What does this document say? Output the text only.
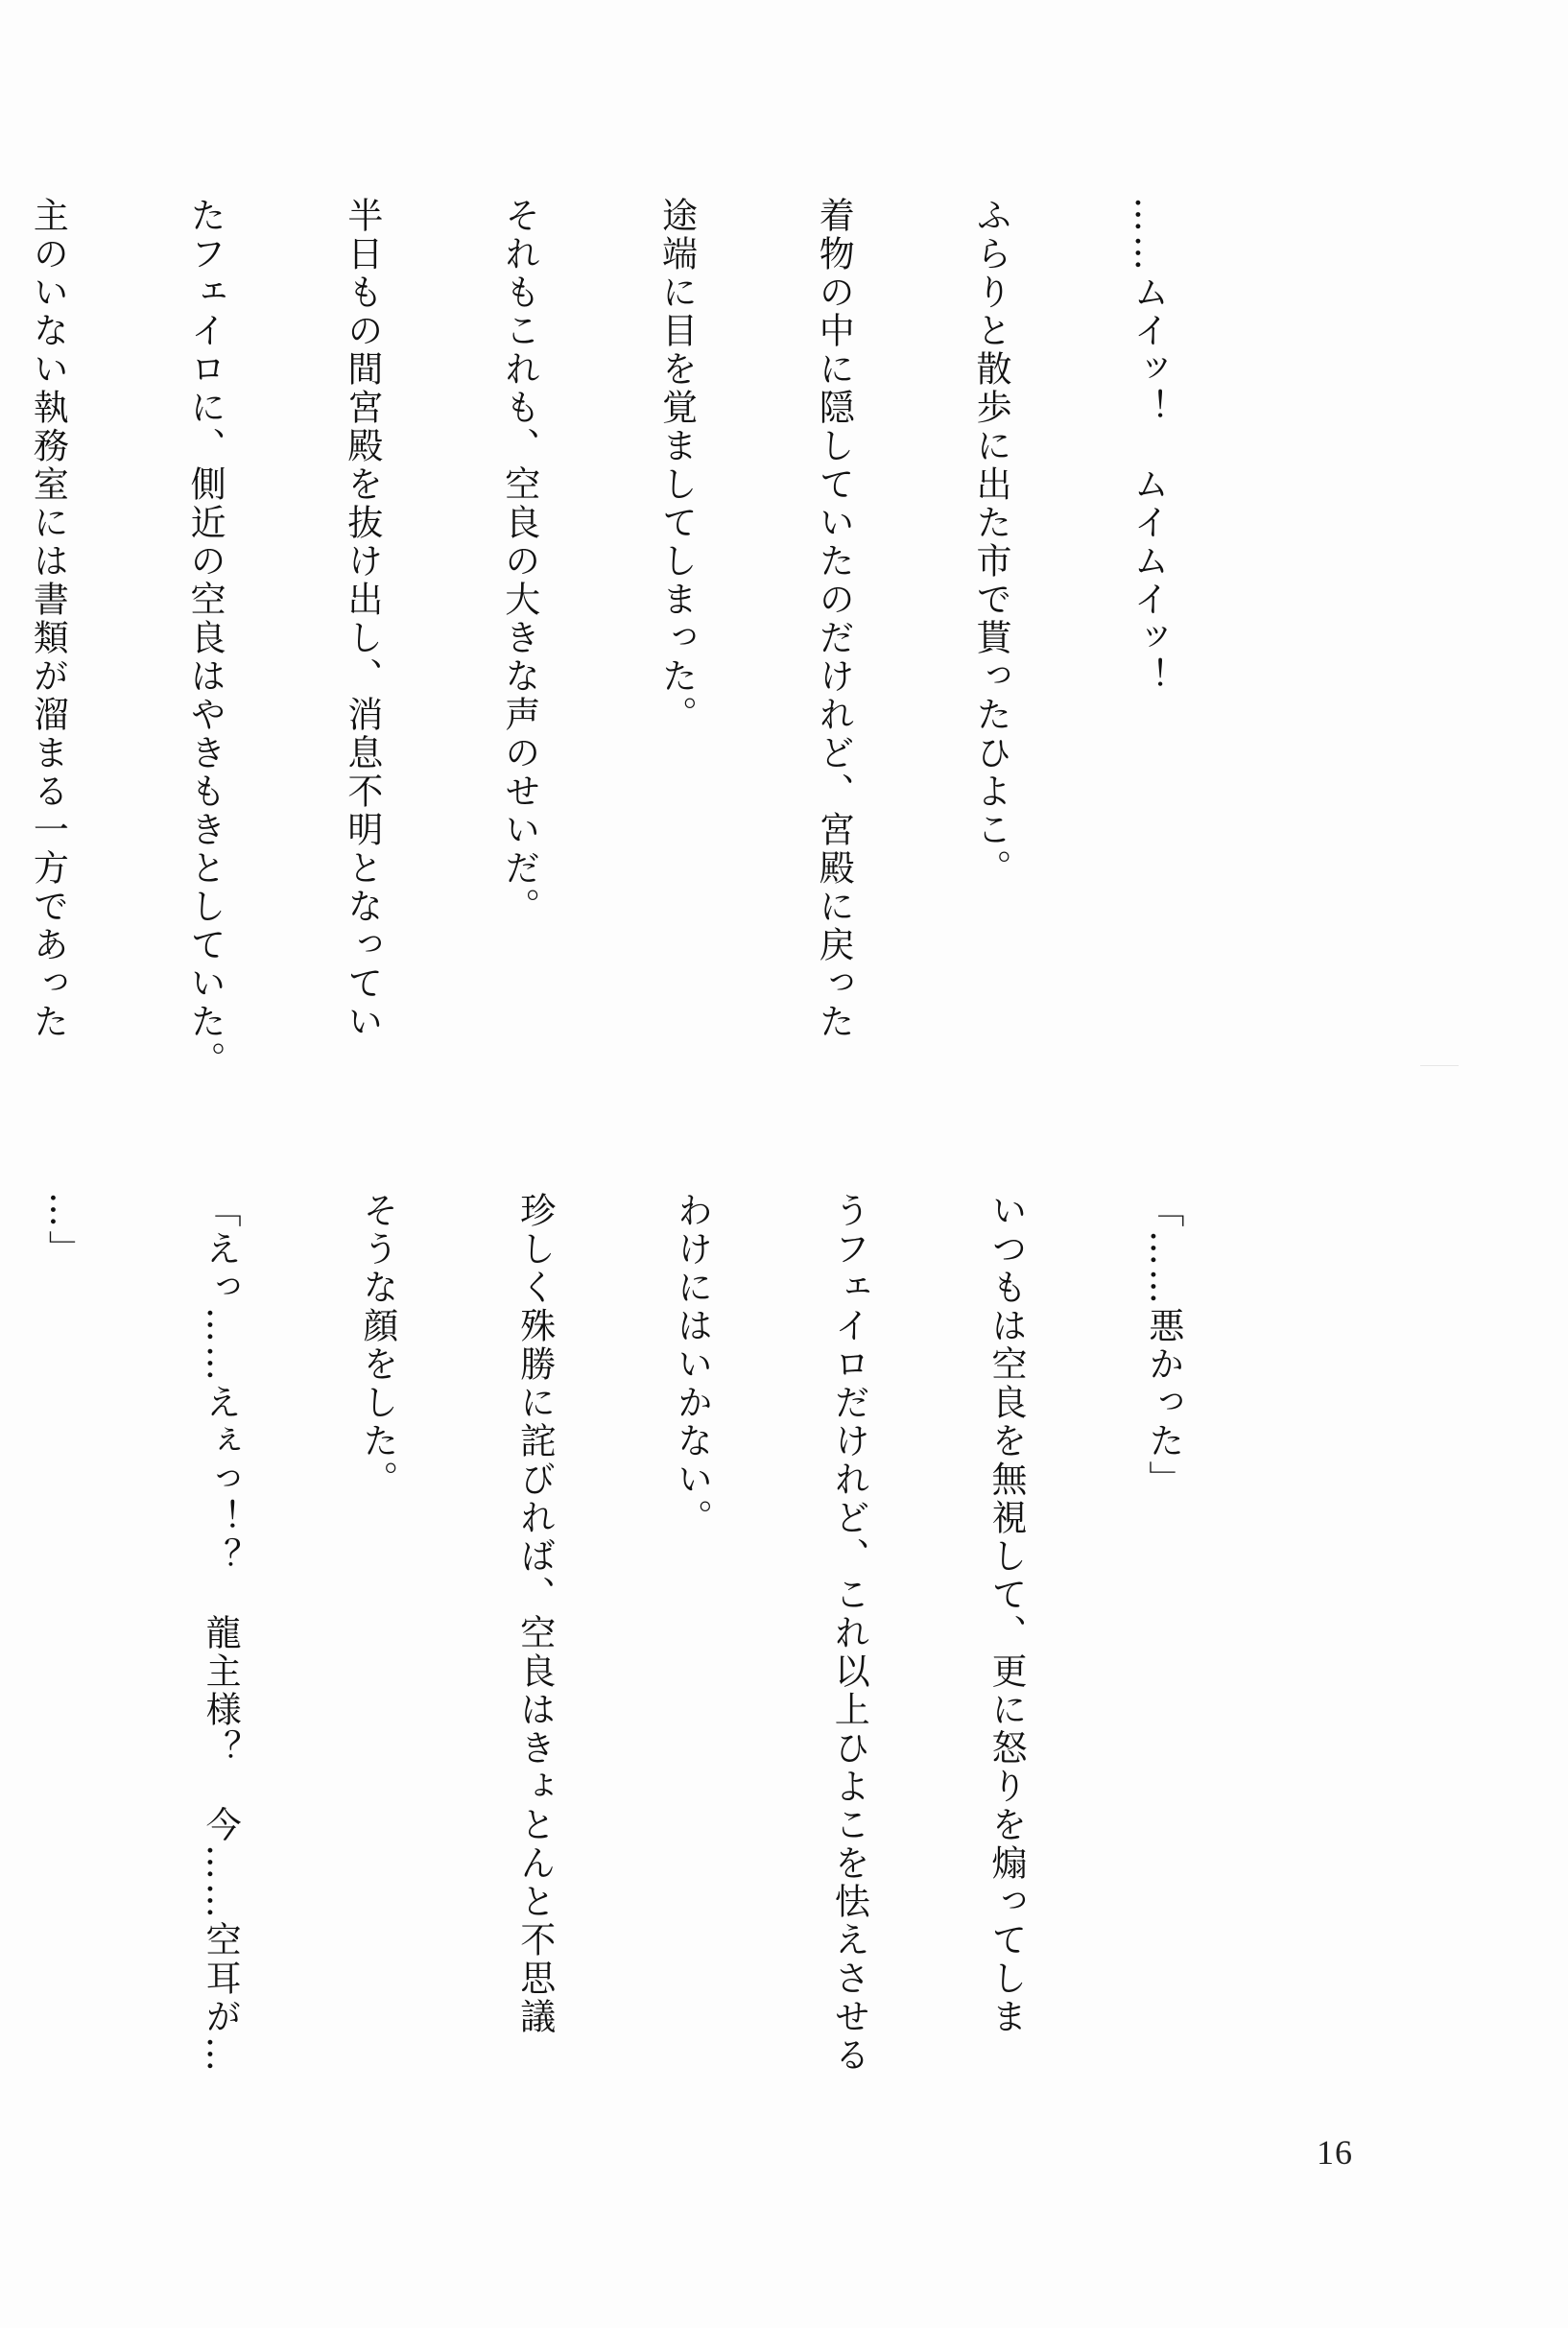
……ムイッ！　ムイムイッ！

ふらりと散歩に出た市で貰ったひよこ。

着物の中に隠していたのだけれど、宮殿に戻った

途端に目を覚ましてしまった。

それもこれも、空良の大きな声のせいだ。

半日もの間宮殿を抜け出し、消息不明となってい

たフェイロに、側近の空良はやきもきとしていた。

主のいない執務室には書類が溜まる一方であった

「……悪かった」

いつもは空良を無視して、更に怒りを煽ってしま

うフェイロだけれど、これ以上ひよこを怯えさせる

わけにはいかない。

珍しく殊勝に詫びれば、空良はきょとんと不思議

そうな顔をした。

「えっ……えぇっ！？　龍主様？　今……空耳が…

…」

16
